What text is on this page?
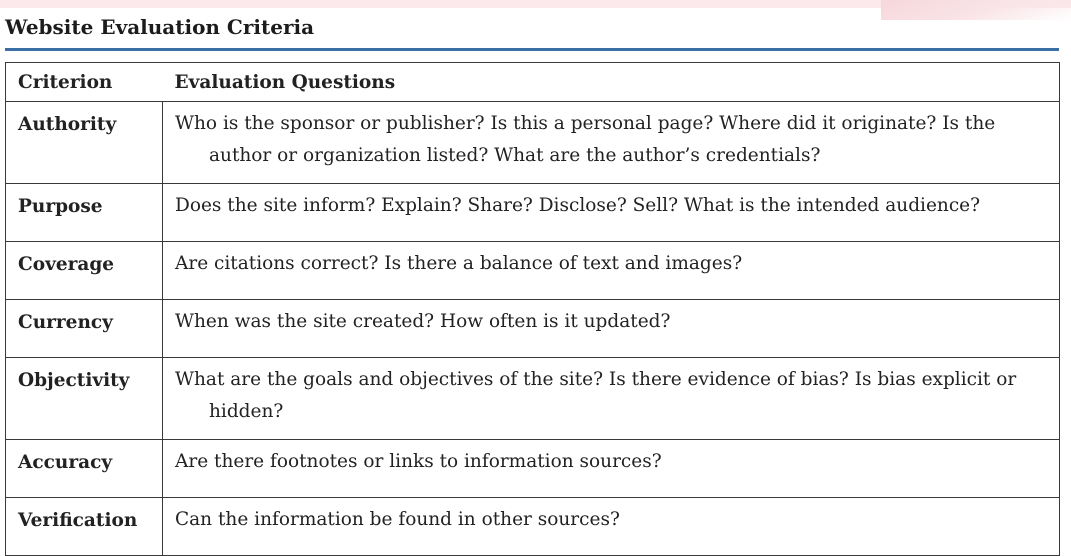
Website Evaluation Criteria
Criterion	Evaluation Questions
Authority	Who is the sponsor or publisher? Is this a personal page? Where did it originate? Is the author or organization listed? What are the author’s credentials?

Purpose	Does the site inform? Explain? Share? Disclose? Sell? What is the intended audience?

Coverage	Are citations correct? Is there a balance of text and images?

Currency	When was the site created? How often is it updated?

Objectivity	What are the goals and objectives of the site? Is there evidence of bias? Is bias explicit or hidden?

Accuracy	Are there footnotes or links to information sources?

Verification	Can the information be found in other sources?
